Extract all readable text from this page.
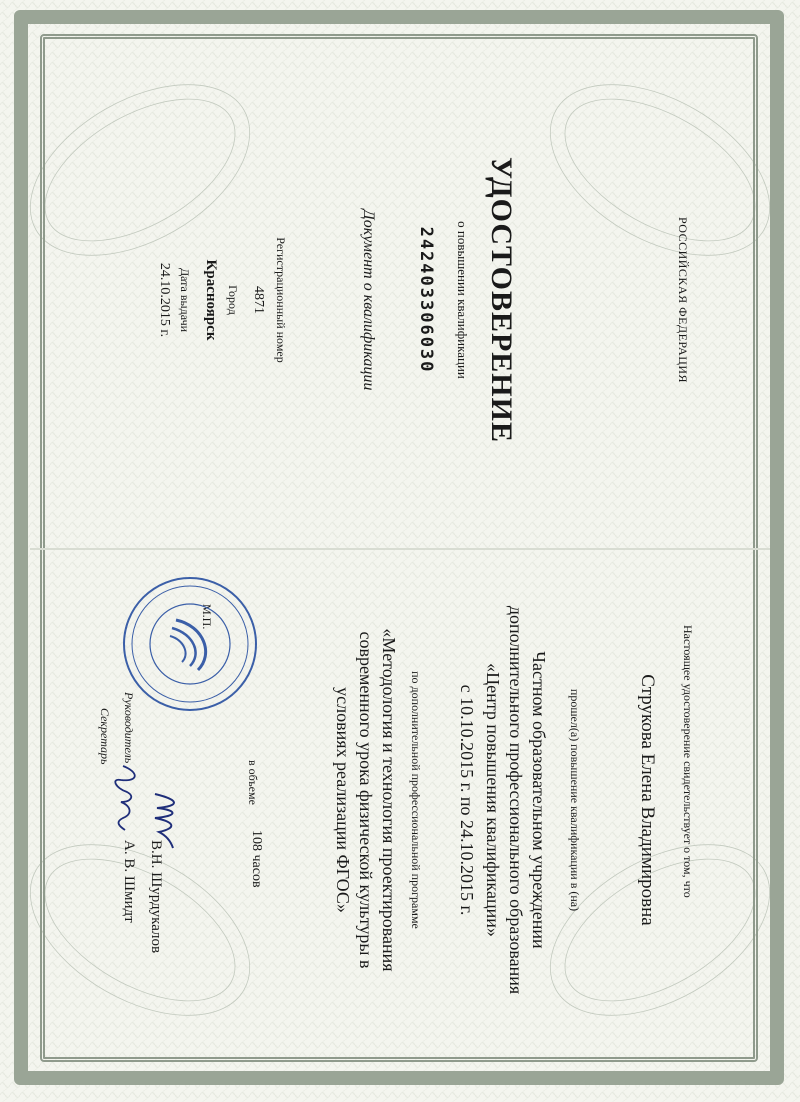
РОССИЙСКАЯ ФЕДЕРАЦИЯ
УДОСТОВЕРЕНИЕ
о повышении квалификации
242403306030
Документ о квалификации
Регистрационный номер
4871
Город
Красноярск
Дата выдачи
24.10.2015 г.
Настоящее удостоверение свидетельствует о том, что
Струкова Елена Владимировна
прошел(а) повышение квалификации в (на)
Частном образовательном учреждении
дополнительного профессионального образования
«Центр повышения квалификации»
с 10.10.2015 г. по 24.10.2015 г.
по дополнительной профессиональной программе
«Методология и технология проектирования
современного урока физической культуры в
условиях реализации ФГОС»
в объеме
108 часов
М.П.
Руководитель
В.Н. Шурдукалов
Секретарь
А. В. Шмидт
